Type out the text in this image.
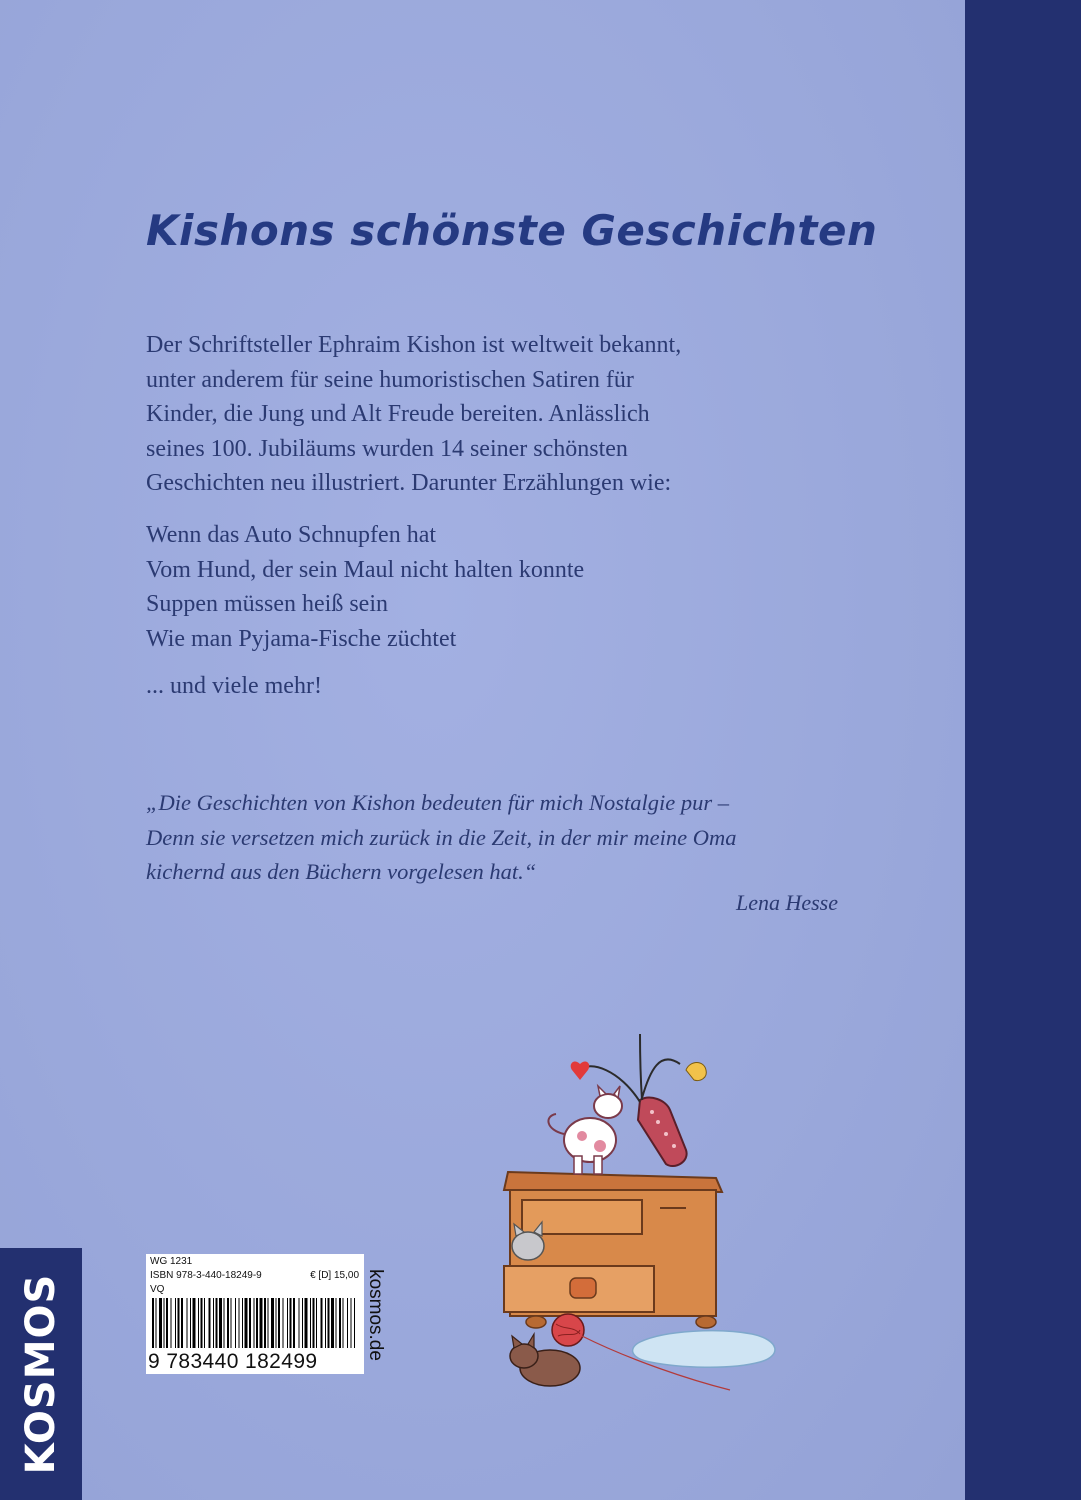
Kishons schönste Geschichten

Der Schriftsteller Ephraim Kishon ist weltweit bekannt,

unter anderem für seine humoristischen Satiren für

Kinder, die Jung und Alt Freude bereiten. Anlässlich

seines 100. Jubiläums wurden 14 seiner schönsten

Geschichten neu illustriert. Darunter Erzählungen wie:

Wenn das Auto Schnupfen hat
Vom Hund, der sein Maul nicht halten konnte
Suppen müssen heiß sein
Wie man Pyjama-Fische züchtet

... und viele mehr!

„Die Geschichten von Kishon bedeuten für mich Nostalgie pur –

Denn sie versetzen mich zurück in die Zeit, in der mir meine Oma

kichernd aus den Büchern vorgelesen hat.“

Lena Hesse
WG 1231
ISBN 978-3-440-18249-9	€ [D] 15,00
VQ
9 783440 182499
kosmos.de
KOSMOS
